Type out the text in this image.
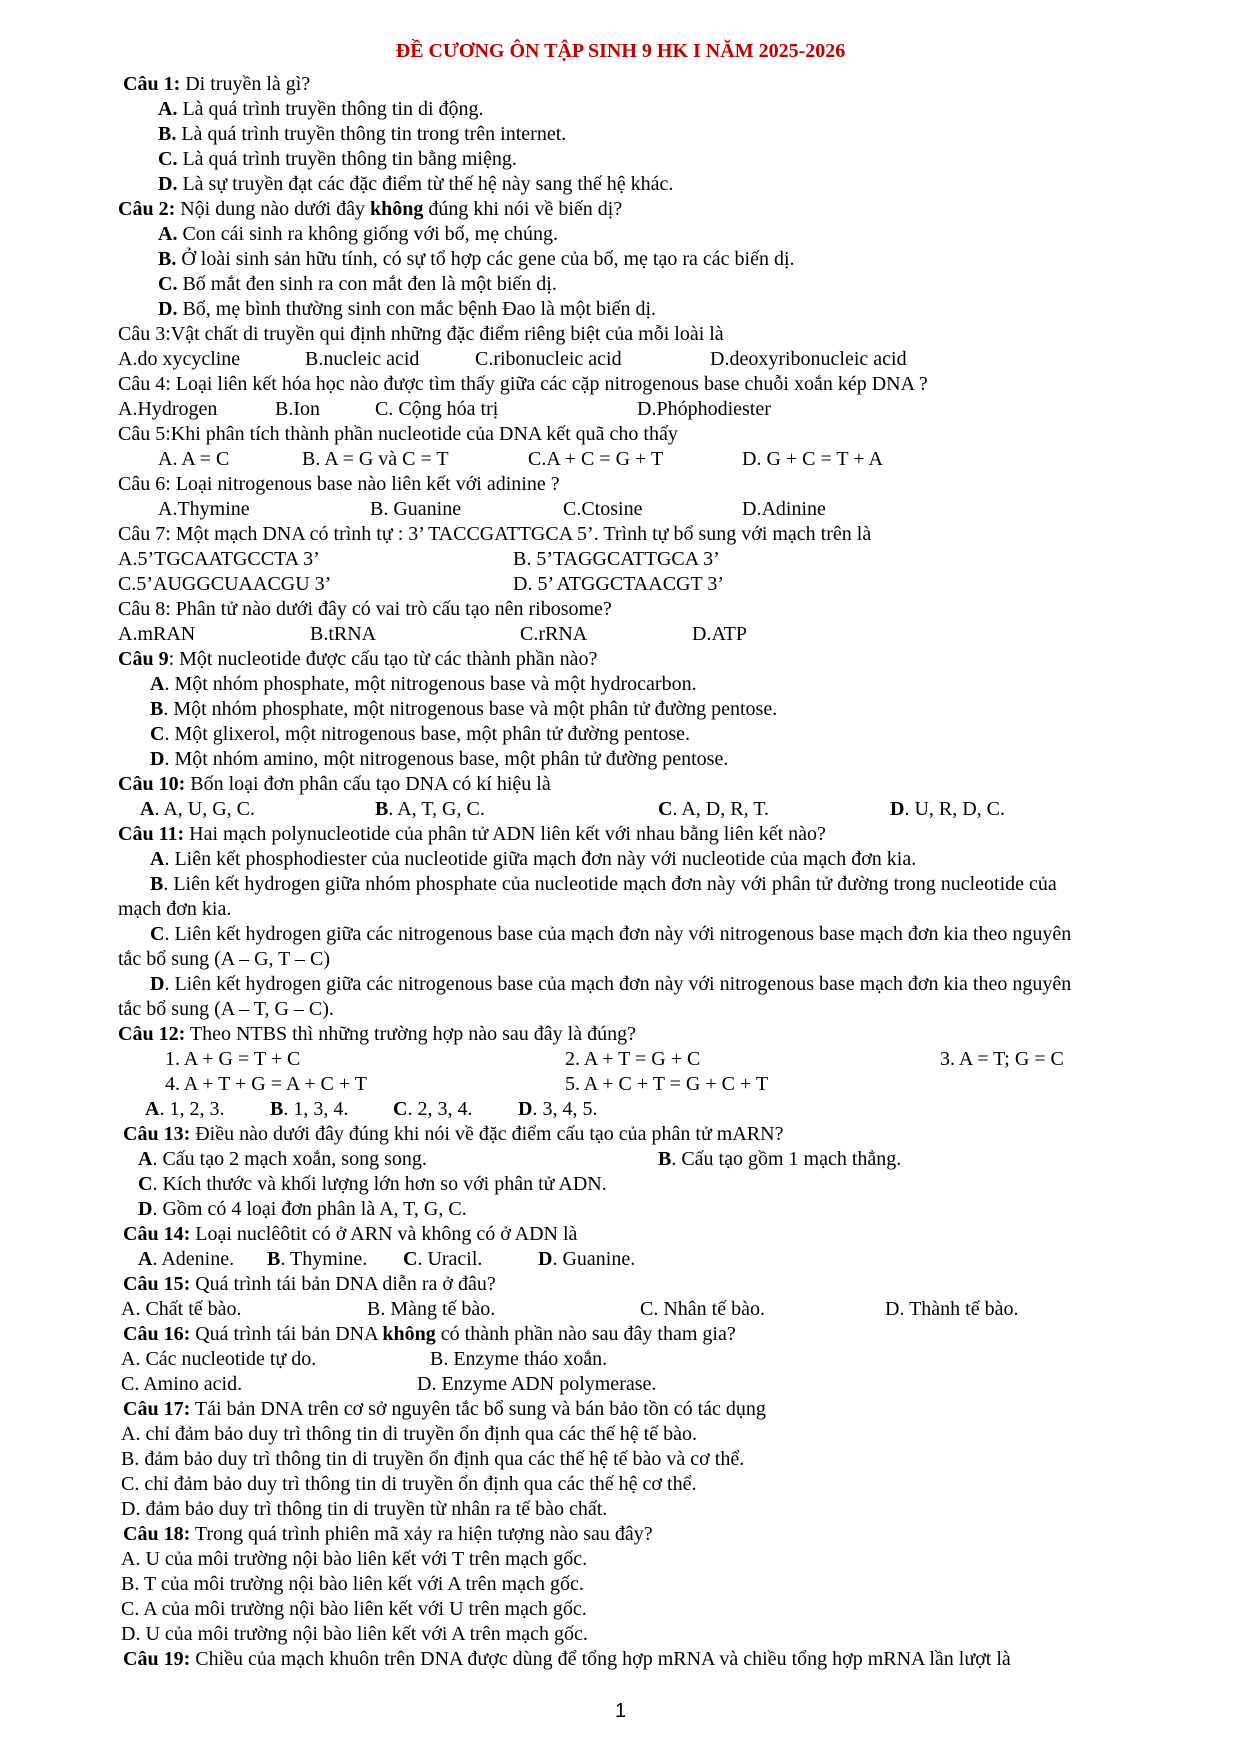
ĐỀ CƯƠNG ÔN TẬP SINH 9 HK I NĂM 2025-2026
Câu 1: Di truyền là gì?
A. Là quá trình truyền thông tin di động.
B. Là quá trình truyền thông tin trong trên internet.
C. Là quá trình truyền thông tin bằng miệng.
D. Là sự truyền đạt các đặc điểm từ thế hệ này sang thế hệ khác.
Câu 2: Nội dung nào dưới đây không đúng khi nói về biến dị?
A. Con cái sinh ra không giống với bố, mẹ chúng.
B. Ở loài sinh sản hữu tính, có sự tổ hợp các gene của bố, mẹ tạo ra các biến dị.
C. Bố mắt đen sinh ra con mắt đen là một biến dị.
D. Bố, mẹ bình thường sinh con mắc bệnh Đao là một biến dị.
Câu 3:Vật chất di truyền qui định những đặc điểm riêng biệt của mỗi loài là
A.do xycycline	B.nucleic acid	C.ribonucleic acid	D.deoxyribonucleic acid
Câu 4: Loại liên kết hóa học nào được tìm thấy giữa các cặp nitrogenous base chuỗi xoắn kép DNA ?
A.Hydrogen	B.Ion	C. Cộng hóa trị	D.Phóphodiester
Câu 5:Khi phân tích thành phần nucleotide của DNA kết quã cho thấy
A. A = C	B. A = G và C = T	C.A + C = G + T	D. G + C = T + A
Câu 6: Loại nitrogenous base nào liên kết với adinine ?
A.Thymine	B. Guanine	C.Ctosine	D.Adinine
Câu 7: Một mạch DNA có trình tự : 3’ TACCGATTGCA 5’. Trình tự bổ sung với mạch trên là
A.5’TGCAATGCCTA 3’	B. 5’TAGGCATTGCA 3’
C.5’AUGGCUAACGU 3’	D. 5’ ATGGCTAACGT 3’
Câu 8: Phân tử nào dưới đây có vai trò cấu tạo nên ribosome?
A.mRAN	B.tRNA	C.rRNA	D.ATP
Câu 9: Một nucleotide được cấu tạo từ các thành phần nào?
A. Một nhóm phosphate, một nitrogenous base và một hydrocarbon.
B. Một nhóm phosphate, một nitrogenous base và một phân tử đường pentose.
C. Một glixerol, một nitrogenous base, một phân tử đường pentose.
D. Một nhóm amino, một nitrogenous base, một phân tử đường pentose.
Câu 10: Bốn loại đơn phân cấu tạo DNA có kí hiệu là
A. A, U, G, C.	B. A, T, G, C.	C. A, D, R, T.	D. U, R, D, C.
Câu 11: Hai mạch polynucleotide của phân tử ADN liên kết với nhau bằng liên kết nào?
A. Liên kết phosphodiester của nucleotide giữa mạch đơn này với nucleotide của mạch đơn kia.
B. Liên kết hydrogen giữa nhóm phosphate của nucleotide mạch đơn này với phân tử đường trong nucleotide của
mạch đơn kia.
C. Liên kết hydrogen giữa các nitrogenous base của mạch đơn này với nitrogenous base mạch đơn kia theo nguyên
tắc bổ sung (A – G, T – C)
D. Liên kết hydrogen giữa các nitrogenous base của mạch đơn này với nitrogenous base mạch đơn kia theo nguyên
tắc bổ sung (A – T, G – C).
Câu 12: Theo NTBS thì những trường hợp nào sau đây là đúng?
1. A + G = T + C	2. A + T = G + C	3. A = T; G = C
4. A + T + G = A + C + T	5. A + C + T = G + C + T
A. 1, 2, 3. B. 1, 3, 4. C. 2, 3, 4. D. 3, 4, 5.
Câu 13: Điều nào dưới đây đúng khi nói về đặc điểm cấu tạo của phân tử mARN?
A. Cấu tạo 2 mạch xoắn, song song.	B. Cấu tạo gồm 1 mạch thẳng.
C. Kích thước và khối lượng lớn hơn so với phân tử ADN.
D. Gồm có 4 loại đơn phân là A, T, G, C.
Câu 14: Loại nuclêôtit có ở ARN và không có ở ADN là
A. Adenine. B. Thymine. C. Uracil.	D. Guanine.
Câu 15: Quá trình tái bản DNA diễn ra ở đâu?
A. Chất tế bào.	B. Màng tế bào.	C. Nhân tế bào.	D. Thành tế bào.
Câu 16: Quá trình tái bản DNA không có thành phần nào sau đây tham gia?
A. Các nucleotide tự do.	B. Enzyme tháo xoắn.
C. Amino acid.	D. Enzyme ADN polymerase.
Câu 17: Tái bản DNA trên cơ sở nguyên tắc bổ sung và bán bảo tồn có tác dụng
A. chỉ đảm bảo duy trì thông tin di truyền ổn định qua các thế hệ tế bào.
B. đảm bảo duy trì thông tin di truyền ổn định qua các thế hệ tế bào và cơ thể.
C. chỉ đảm bảo duy trì thông tin di truyền ổn định qua các thế hệ cơ thể.
D. đảm bảo duy trì thông tin di truyền từ nhân ra tế bào chất.
Câu 18: Trong quá trình phiên mã xảy ra hiện tượng nào sau đây?
A. U của môi trường nội bào liên kết với T trên mạch gốc.
B. T của môi trường nội bào liên kết với A trên mạch gốc.
C. A của môi trường nội bào liên kết với U trên mạch gốc.
D. U của môi trường nội bào liên kết với A trên mạch gốc.
Câu 19: Chiều của mạch khuôn trên DNA được dùng để tổng hợp mRNA và chiều tổng hợp mRNA lần lượt là
1
